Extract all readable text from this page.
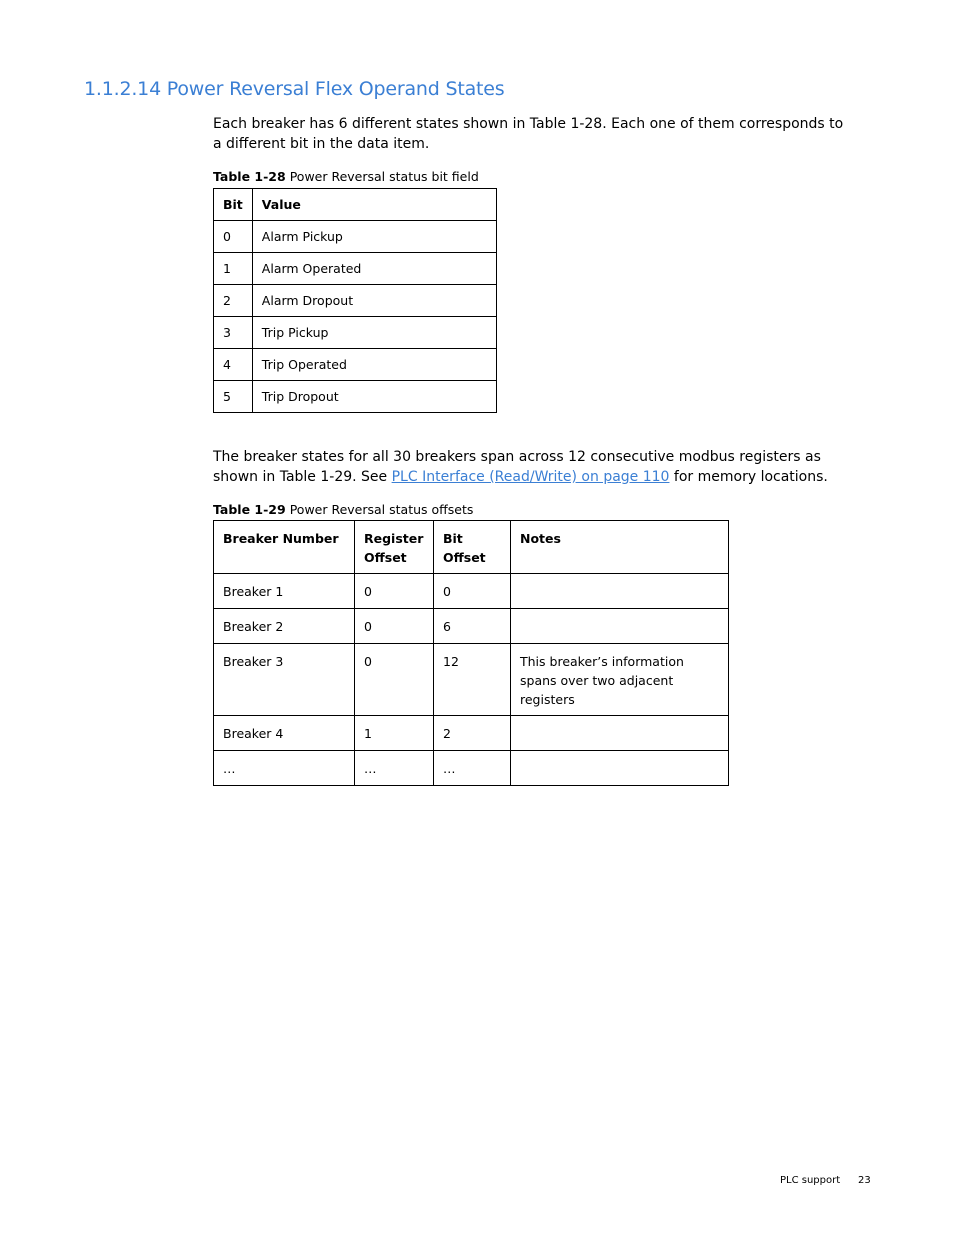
1.1.2.14 Power Reversal Flex Operand States

Each breaker has 6 different states shown in Table 1-28. Each one of them corresponds to a different bit in the data item.

Table 1-28 Power Reversal status bit field

Bit	Value
0	Alarm Pickup
1	Alarm Operated
2	Alarm Dropout
3	Trip Pickup
4	Trip Operated
5	Trip Dropout

The breaker states for all 30 breakers span across 12 consecutive modbus registers as shown in Table 1-29. See PLC Interface (Read/Write) on page 110 for memory locations.

Table 1-29 Power Reversal status offsets

Breaker Number	Register Offset	Bit Offset	Notes
Breaker 1	0	0	
Breaker 2	0	6	
Breaker 3	0	12	This breaker’s information spans over two adjacent registers
Breaker 4	1	2	
…	…	…	
PLC support 23
